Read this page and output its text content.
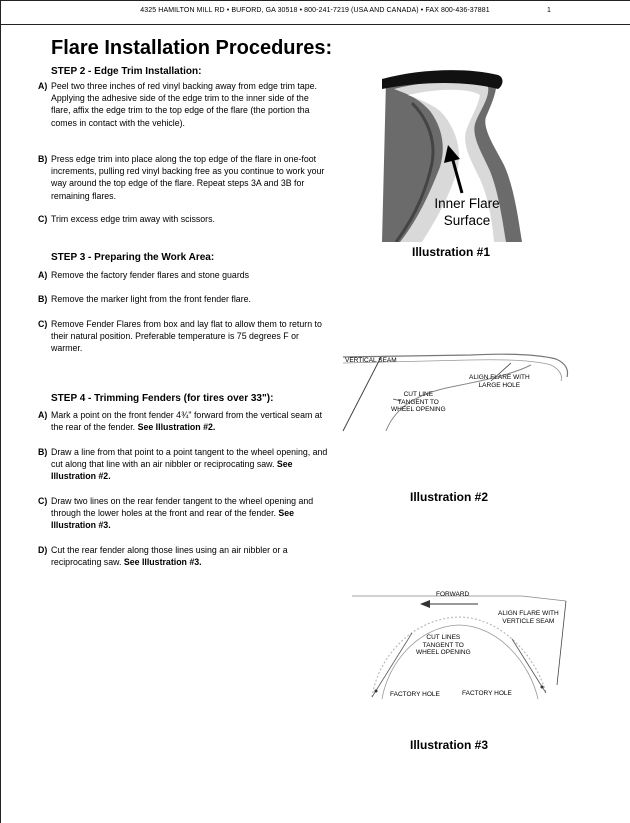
4325 HAMILTON MILL RD • BUFORD, GA 30518 • 800-241-7219 (USA AND CANADA) • FAX 800-436-37881	1
Flare Installation Procedures:
STEP 2 - Edge Trim Installation:
A) Peel two three inches of red vinyl backing away from edge trim tape. Applying the adhesive side of the edge trim to the inner side of the flare, affix the edge trim to the top edge of the flare (the portion tha comes in contact with the vehicle).
B) Press edge trim into place along the top edge of the flare in one-foot increments, pulling red vinyl backing free as you continue to work your way around the top edge of the flare. Repeat steps 3A and 3B for remaining flares.
C) Trim excess edge trim away with scissors.
STEP 3 - Preparing the Work Area:
A) Remove the factory fender flares and stone guards
B) Remove the marker light from the front fender flare.
C) Remove Fender Flares from box and lay flat to allow them to return to their natural position. Preferable temperature is 75 degrees F or warmer.
STEP 4 - Trimming Fenders (for tires over 33"):
A) Mark a point on the front fender 4¾" forward from the vertical seam at the rear of the fender. See Illustration #2.
B) Draw a line from that point to a point tangent to the wheel opening, and cut along that line with an air nibbler or reciprocating saw. See Illustration #2.
C) Draw two lines on the rear fender tangent to the wheel opening and through the lower holes at the front and rear of the fender. See Illustration #3.
D) Cut the rear fender along those lines using an air nibbler or a reciprocating saw. See Illustration #3.
Inner Flare
Surface
Illustration #1
VERTICAL SEAM
ALIGN FLARE WITH
LARGE HOLE
CUT LINE
TANGENT TO
WHEEL OPENING
Illustration #2
FORWARD
ALIGN FLARE WITH
VERTICLE SEAM
CUT LINES
TANGENT TO
WHEEL OPENING
FACTORY HOLE	FACTORY HOLE
Illustration #3
